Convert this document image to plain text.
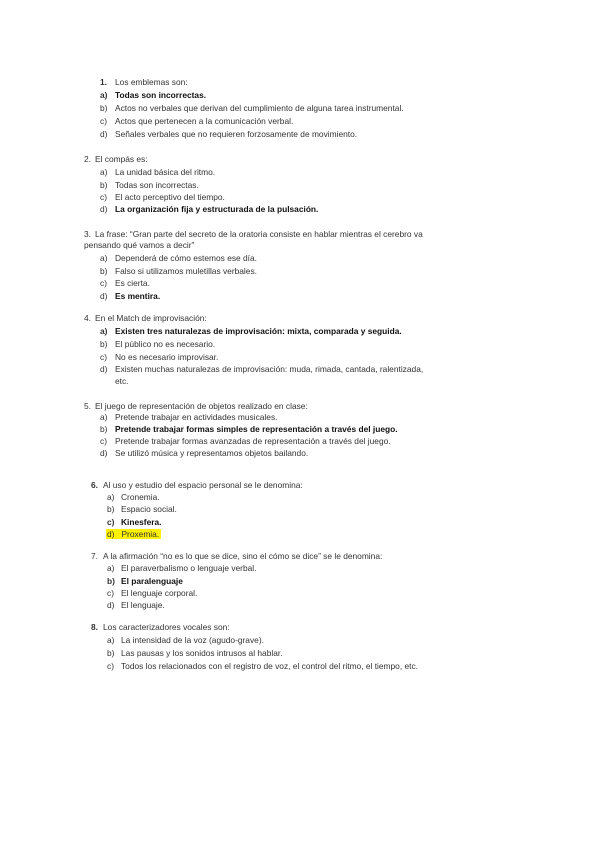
1. Los emblemas son:
a) Todas son incorrectas.
b) Actos no verbales que derivan del cumplimiento de alguna tarea instrumental.
c) Actos que pertenecen a la comunicación verbal.
d) Señales verbales que no requieren forzosamente de movimiento.
2. El compás es:
a) La unidad básica del ritmo.
b) Todas son incorrectas.
c) El acto perceptivo del tiempo.
d) La organización fija y estructurada de la pulsación.
3. La frase: “Gran parte del secreto de la oratoria consiste en hablar mientras el cerebro va
pensando qué vamos a decir”
a) Dependerá de cómo estemos ese día.
b) Falso si utilizamos muletillas verbales.
c) Es cierta.
d) Es mentira.
4. En el Match de improvisación:
a) Existen tres naturalezas de improvisación: mixta, comparada y seguida.
b) El público no es necesario.
c) No es necesario improvisar.
d) Existen muchas naturalezas de improvisación: muda, rimada, cantada, ralentizada,
etc.
5. El juego de representación de objetos realizado en clase:
a) Pretende trabajar en actividades musicales.
b) Pretende trabajar formas simples de representación a través del juego.
c) Pretende trabajar formas avanzadas de representación a través del juego.
d) Se utilizó música y representamos objetos bailando.
6. Al uso y estudio del espacio personal se le denomina:
a) Cronemia.
b) Espacio social.
c) Kinesfera.
d) Proxemia.
7. A la afirmación “no es lo que se dice, sino el cómo se dice” se le denomina:
a) El paraverbalismo o lenguaje verbal.
b) El paralenguaje
c) El lenguaje corporal.
d) El lenguaje.
8. Los caracterizadores vocales son:
a) La intensidad de la voz (agudo-grave).
b) Las pausas y los sonidos intrusos al hablar.
c) Todos los relacionados con el registro de voz, el control del ritmo, el tiempo, etc.
